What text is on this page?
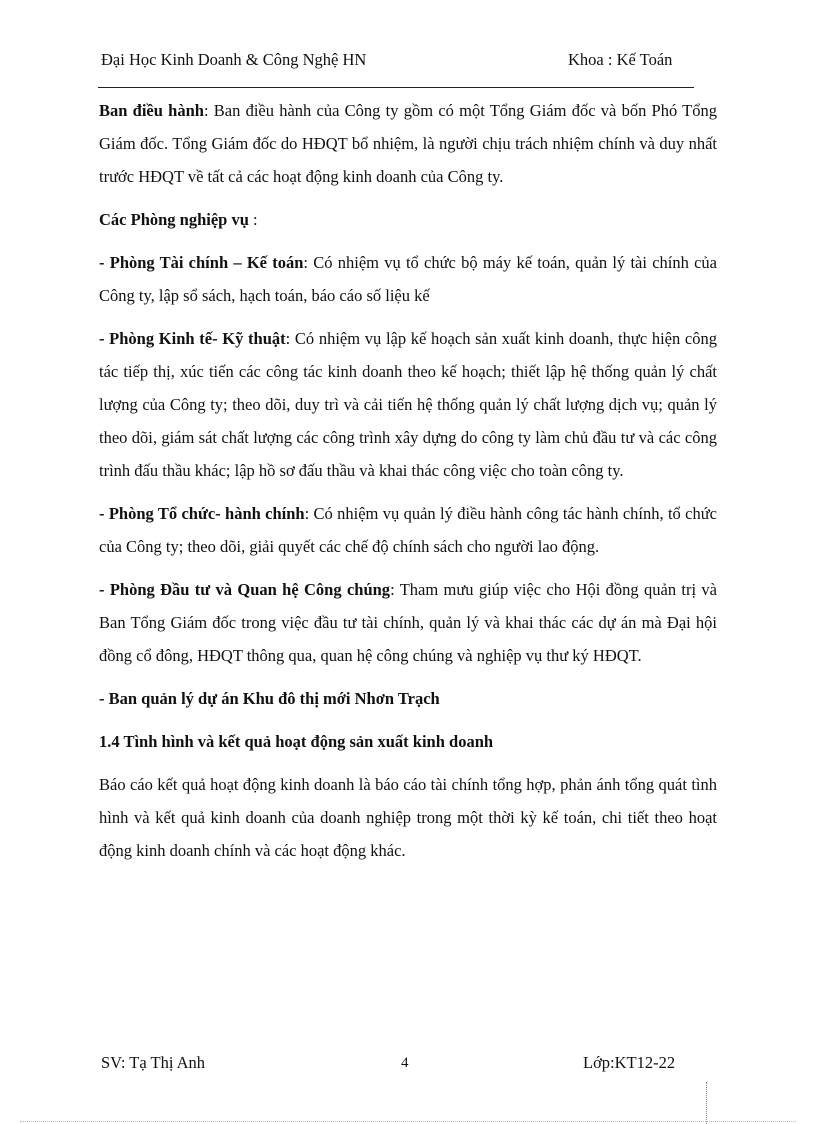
Đại Học Kinh Doanh & Công Nghệ HN	Khoa : Kế Toán

Ban điều hành: Ban điều hành của Công ty gồm có một Tổng Giám đốc và bốn Phó Tổng Giám đốc. Tổng Giám đốc do HĐQT bổ nhiệm, là người chịu trách nhiệm chính và duy nhất trước HĐQT về tất cả các hoạt động kinh doanh của Công ty.

Các Phòng nghiệp vụ :

- Phòng Tài chính – Kế toán: Có nhiệm vụ tổ chức bộ máy kế toán, quản lý tài chính của Công ty, lập sổ sách, hạch toán, báo cáo số liệu kế

- Phòng Kinh tế- Kỹ thuật: Có nhiệm vụ lập kế hoạch sản xuất kinh doanh, thực hiện công tác tiếp thị, xúc tiến các công tác kinh doanh theo kế hoạch; thiết lập hệ thống quản lý chất lượng của Công ty; theo dõi, duy trì và cải tiến hệ thống quản lý chất lượng dịch vụ; quản lý theo dõi, giám sát chất lượng các công trình xây dựng do công ty làm chủ đầu tư và các công trình đấu thầu khác; lập hồ sơ đấu thầu và khai thác công việc cho toàn công ty.

- Phòng Tổ chức- hành chính: Có nhiệm vụ quản lý điều hành công tác hành chính, tổ chức của Công ty; theo dõi, giải quyết các chế độ chính sách cho người lao động.

- Phòng Đầu tư và Quan hệ Công chúng: Tham mưu giúp việc cho Hội đồng quản trị và Ban Tổng Giám đốc trong việc đầu tư tài chính, quản lý và khai thác các dự án mà Đại hội đồng cổ đông, HĐQT thông qua, quan hệ công chúng và nghiệp vụ thư ký HĐQT.

- Ban quản lý dự án Khu đô thị mới Nhơn Trạch

1.4 Tình hình và kết quả hoạt động sản xuất kinh doanh

Báo cáo kết quả hoạt động kinh doanh là báo cáo tài chính tổng hợp, phản ánh tổng quát tình hình và kết quả kinh doanh của doanh nghiệp trong một thời kỳ kế toán, chi tiết theo hoạt động kinh doanh chính và các hoạt động khác.

SV: Tạ Thị Anh	4	Lớp:KT12-22
